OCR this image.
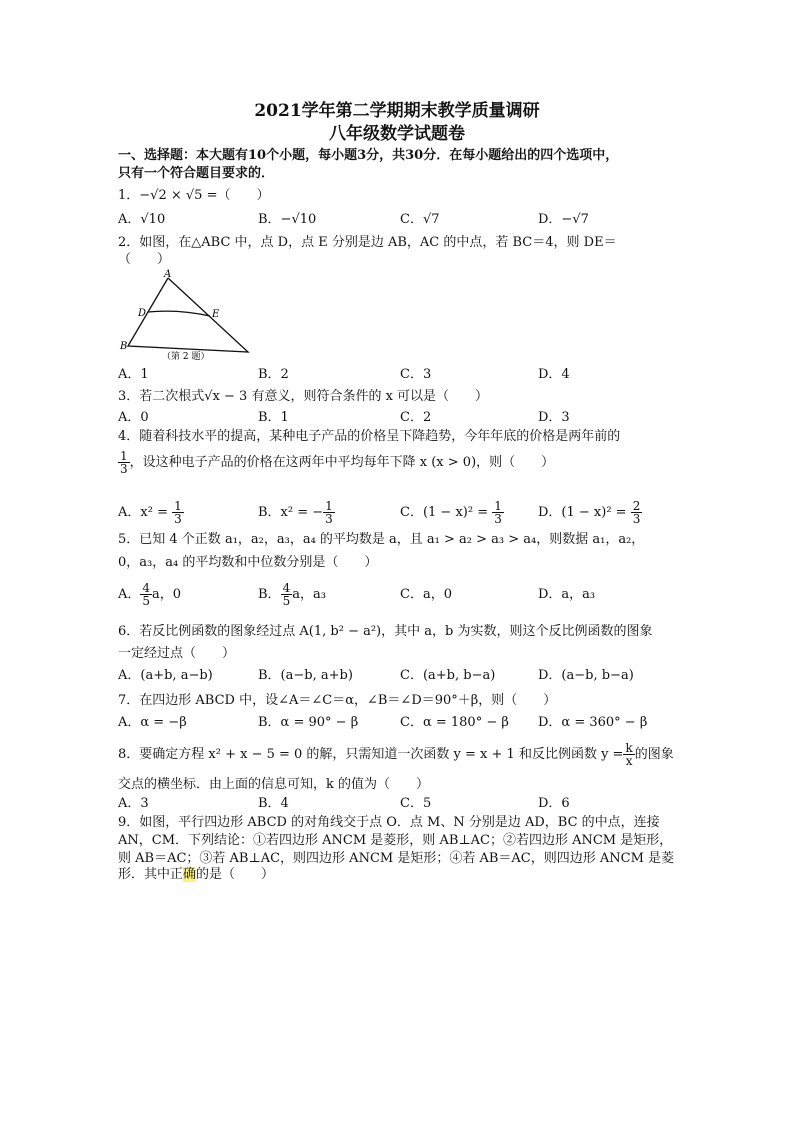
2021学年第二学期期末教学质量调研
八年级数学试题卷
一、选择题：本大题有10个小题，每小题3分，共30分．在每小题给出的四个选项中，
只有一个符合题目要求的．
1．−√2 × √5 =（　　）
A．√10	B．−√10	C．√7	D．−√7
2．如图，在△ABC 中，点 D，点 E 分别是边 AB，AC 的中点，若 BC＝4，则 DE＝
（　　）
A
D	E
B
（第 2 题）
A．1	B．2	C．3	D．4
3．若二次根式√x − 3 有意义，则符合条件的 x 可以是（　　）
A．0	B．1	C．2	D．3
4．随着科技水平的提高，某种电子产品的价格呈下降趋势，今年年底的价格是两年前的
$\frac{1}{3}$ ，设这种电子产品的价格在这两年中平均每年下降 x (x > 0)，则（　　）
A．$x^2 = \frac{1}{3}$	B．x² = − $\frac{1}{3}$	C．$(1 - x)^2 = \frac{1}{3}$	D．$(1 - x)^2 = \frac{2}{3}$
5．已知 4 个正数 a₁，a₂，a₃，a₄ 的平均数是 a，且 a₁ > a₂ > a₃ > a₄，则数据 a₁，a₂，
0，a₃，a₄ 的平均数和中位数分别是（　　）
A． $\frac{4}{5}$ a，0	B． $\frac{4}{5}$ a，a₃	C．a，0	D．a，a₃
6．若反比例函数的图象经过点 A(1, b² − a²)，其中 a，b 为实数，则这个反比例函数的图象
一定经过点（　　）
A．(a+b, a−b)	B．(a−b, a+b)	C．(a+b, b−a)	D．(a−b, b−a)
7．在四边形 ABCD 中，设∠A＝∠C＝α，∠B＝∠D＝90°＋β，则（　　）
A．α = −β	B．α = 90° − β	C．α = 180° − β D．α = 360° − β
8．要确定方程 x² + x − 5 = 0 的解，只需知道一次函数 y = x + 1 和反比例函数 $y = \frac{k}{x}$ 的图象
交点的横坐标．由上面的信息可知，k 的值为（　　）
A．3	B．4	C．5	D．6
9．如图，平行四边形 ABCD 的对角线交于点 O．点 M、N 分别是边 AD，BC 的中点，连接
AN，CM．下列结论：①若四边形 ANCM 是菱形，则 AB⊥AC；②若四边形 ANCM 是矩形，
则 AB＝AC；③若 AB⊥AC，则四边形 ANCM 是矩形；④若 AB＝AC，则四边形 ANCM 是菱
形．其中正确的是（　　）
